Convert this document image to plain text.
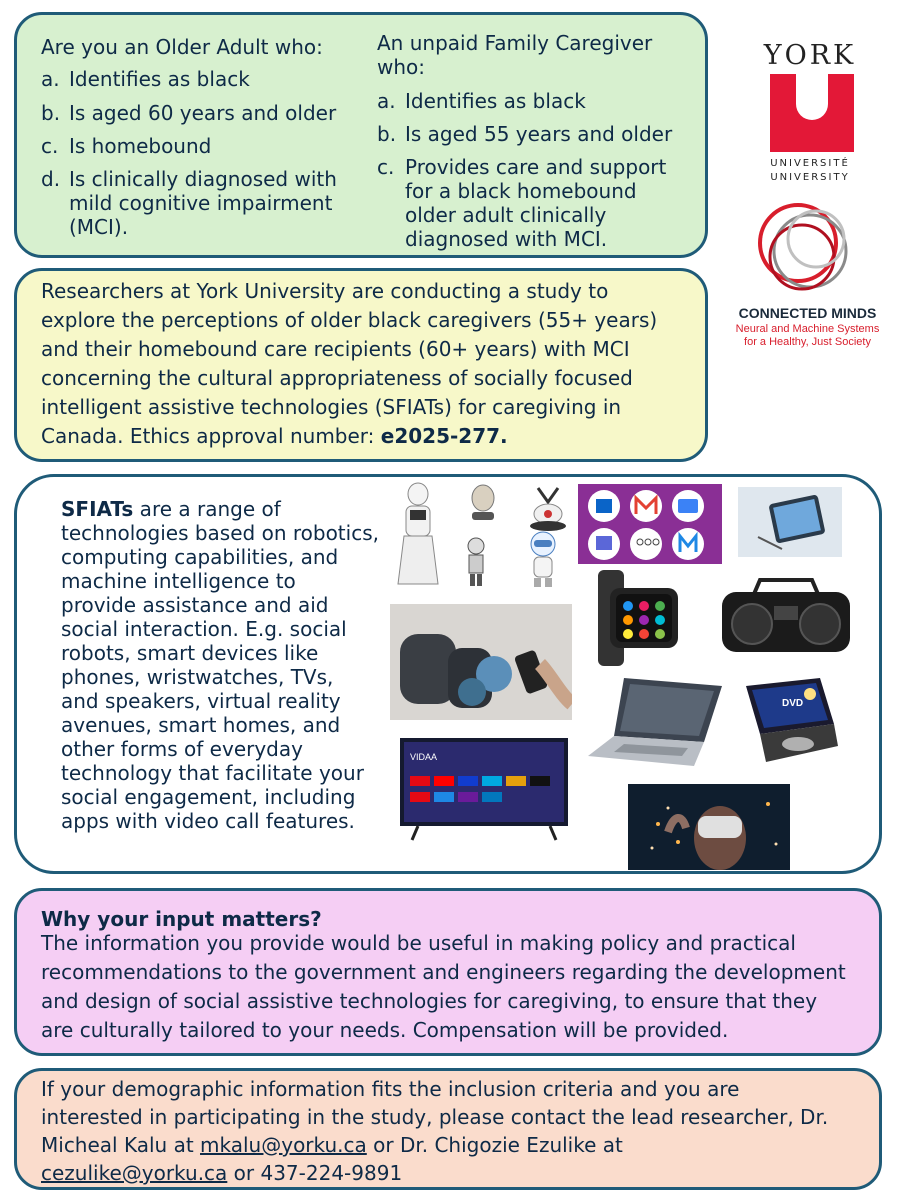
Are you an Older Adult who:
a. Identifies as black
b. Is aged 60 years and older
c. Is homebound
d. Is clinically diagnosed with
mild cognitive impairment
(MCI).
An unpaid Family Caregiver
who:
a. Identifies as black
b. Is aged 55 years and older
c. Provides care and support
for a black homebound
older adult clinically
diagnosed with MCI.
Researchers at York University are conducting a study to
explore the perceptions of older black caregivers (55+ years)
and their homebound care recipients (60+ years) with MCI
concerning the cultural appropriateness of socially focused
intelligent assistive technologies (SFIATs) for caregiving in
Canada. Ethics approval number: e2025-277.
YORK
UNIVERSITÉ
UNIVERSITY
CONNECTED MINDS
Neural and Machine Systems
for a Healthy, Just Society
SFIATs are a range of
technologies based on robotics,
computing capabilities, and
machine intelligence to
provide assistance and aid
social interaction. E.g. social
robots, smart devices like
phones, wristwatches, TVs,
and speakers, virtual reality
avenues, smart homes, and
other forms of everyday
technology that facilitate your
social engagement, including
apps with video call features.
DVD
VIDAA
Why your input matters?
The information you provide would be useful in making policy and practical
recommendations to the government and engineers regarding the development
and design of social assistive technologies for caregiving, to ensure that they
are culturally tailored to your needs. Compensation will be provided.
If your demographic information fits the inclusion criteria and you are
interested in participating in the study, please contact the lead researcher, Dr.
Micheal Kalu at mkalu@yorku.ca or Dr. Chigozie Ezulike at
cezulike@yorku.ca or 437-224-9891
